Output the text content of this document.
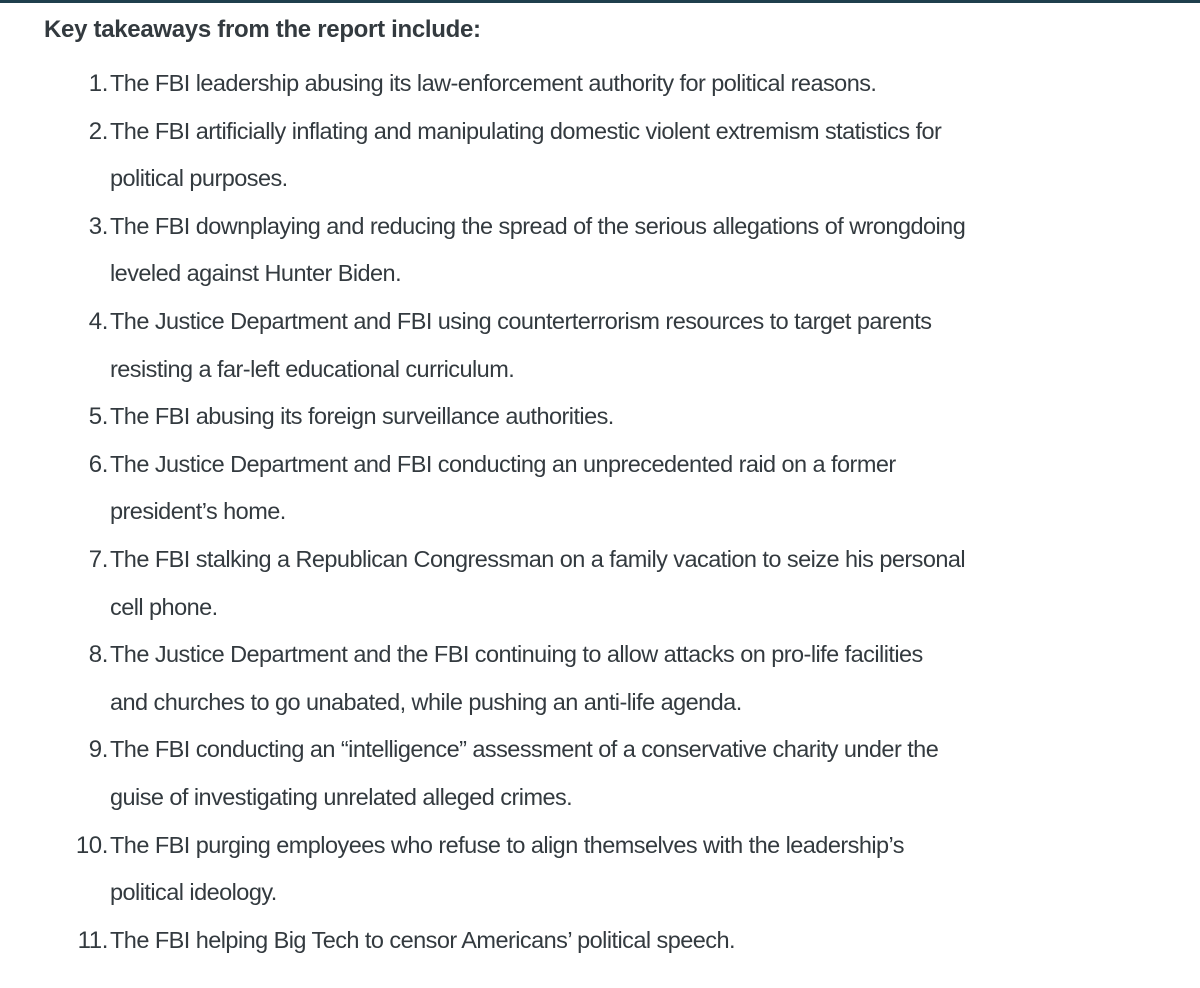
Key takeaways from the report include:
1. The FBI leadership abusing its law-enforcement authority for political reasons.
2. The FBI artificially inflating and manipulating domestic violent extremism statistics for
political purposes.
3. The FBI downplaying and reducing the spread of the serious allegations of wrongdoing
leveled against Hunter Biden.
4. The Justice Department and FBI using counterterrorism resources to target parents
resisting a far-left educational curriculum.
5. The FBI abusing its foreign surveillance authorities.
6. The Justice Department and FBI conducting an unprecedented raid on a former
president’s home.
7. The FBI stalking a Republican Congressman on a family vacation to seize his personal
cell phone.
8. The Justice Department and the FBI continuing to allow attacks on pro-life facilities
and churches to go unabated, while pushing an anti-life agenda.
9. The FBI conducting an “intelligence” assessment of a conservative charity under the
guise of investigating unrelated alleged crimes.
10. The FBI purging employees who refuse to align themselves with the leadership’s
political ideology.
11. The FBI helping Big Tech to censor Americans’ political speech.
